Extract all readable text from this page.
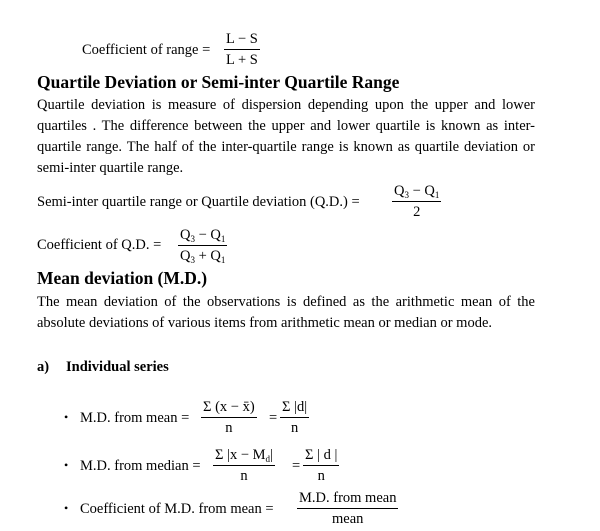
Coefficient of range = $\frac{L - S}{L + S}$
Quartile Deviation or Semi-inter Quartile Range
Quartile deviation is measure of dispersion depending upon the upper and lower quartiles . The difference between the upper and lower quartile is known as inter-quartile range. The half of the inter-quartile range is known as quartile deviation or semi-inter quartile range.
Semi-inter quartile range or Quartile deviation $(Q.D.) = \frac{Q_3 - Q_1}{2}$
Coefficient of Q.D. = $\frac{Q_3 - Q_1}{Q_3 + Q_1}$
Mean deviation (M.D.)
The mean deviation of the observations is defined as the arithmetic mean of the absolute deviations of various items from arithmetic mean or median or mode.
a) Individual series
• M.D. from mean = $\frac{\Sigma (x - x̄)}{n} = \frac{\Sigma |d|}{n}$
• M.D. from median = $\frac{\Sigma |x - M_d|}{n} = \frac{\Sigma | d |}{n}$
• Coefficient of M.D. from mean =
M.D. from mean
mean
